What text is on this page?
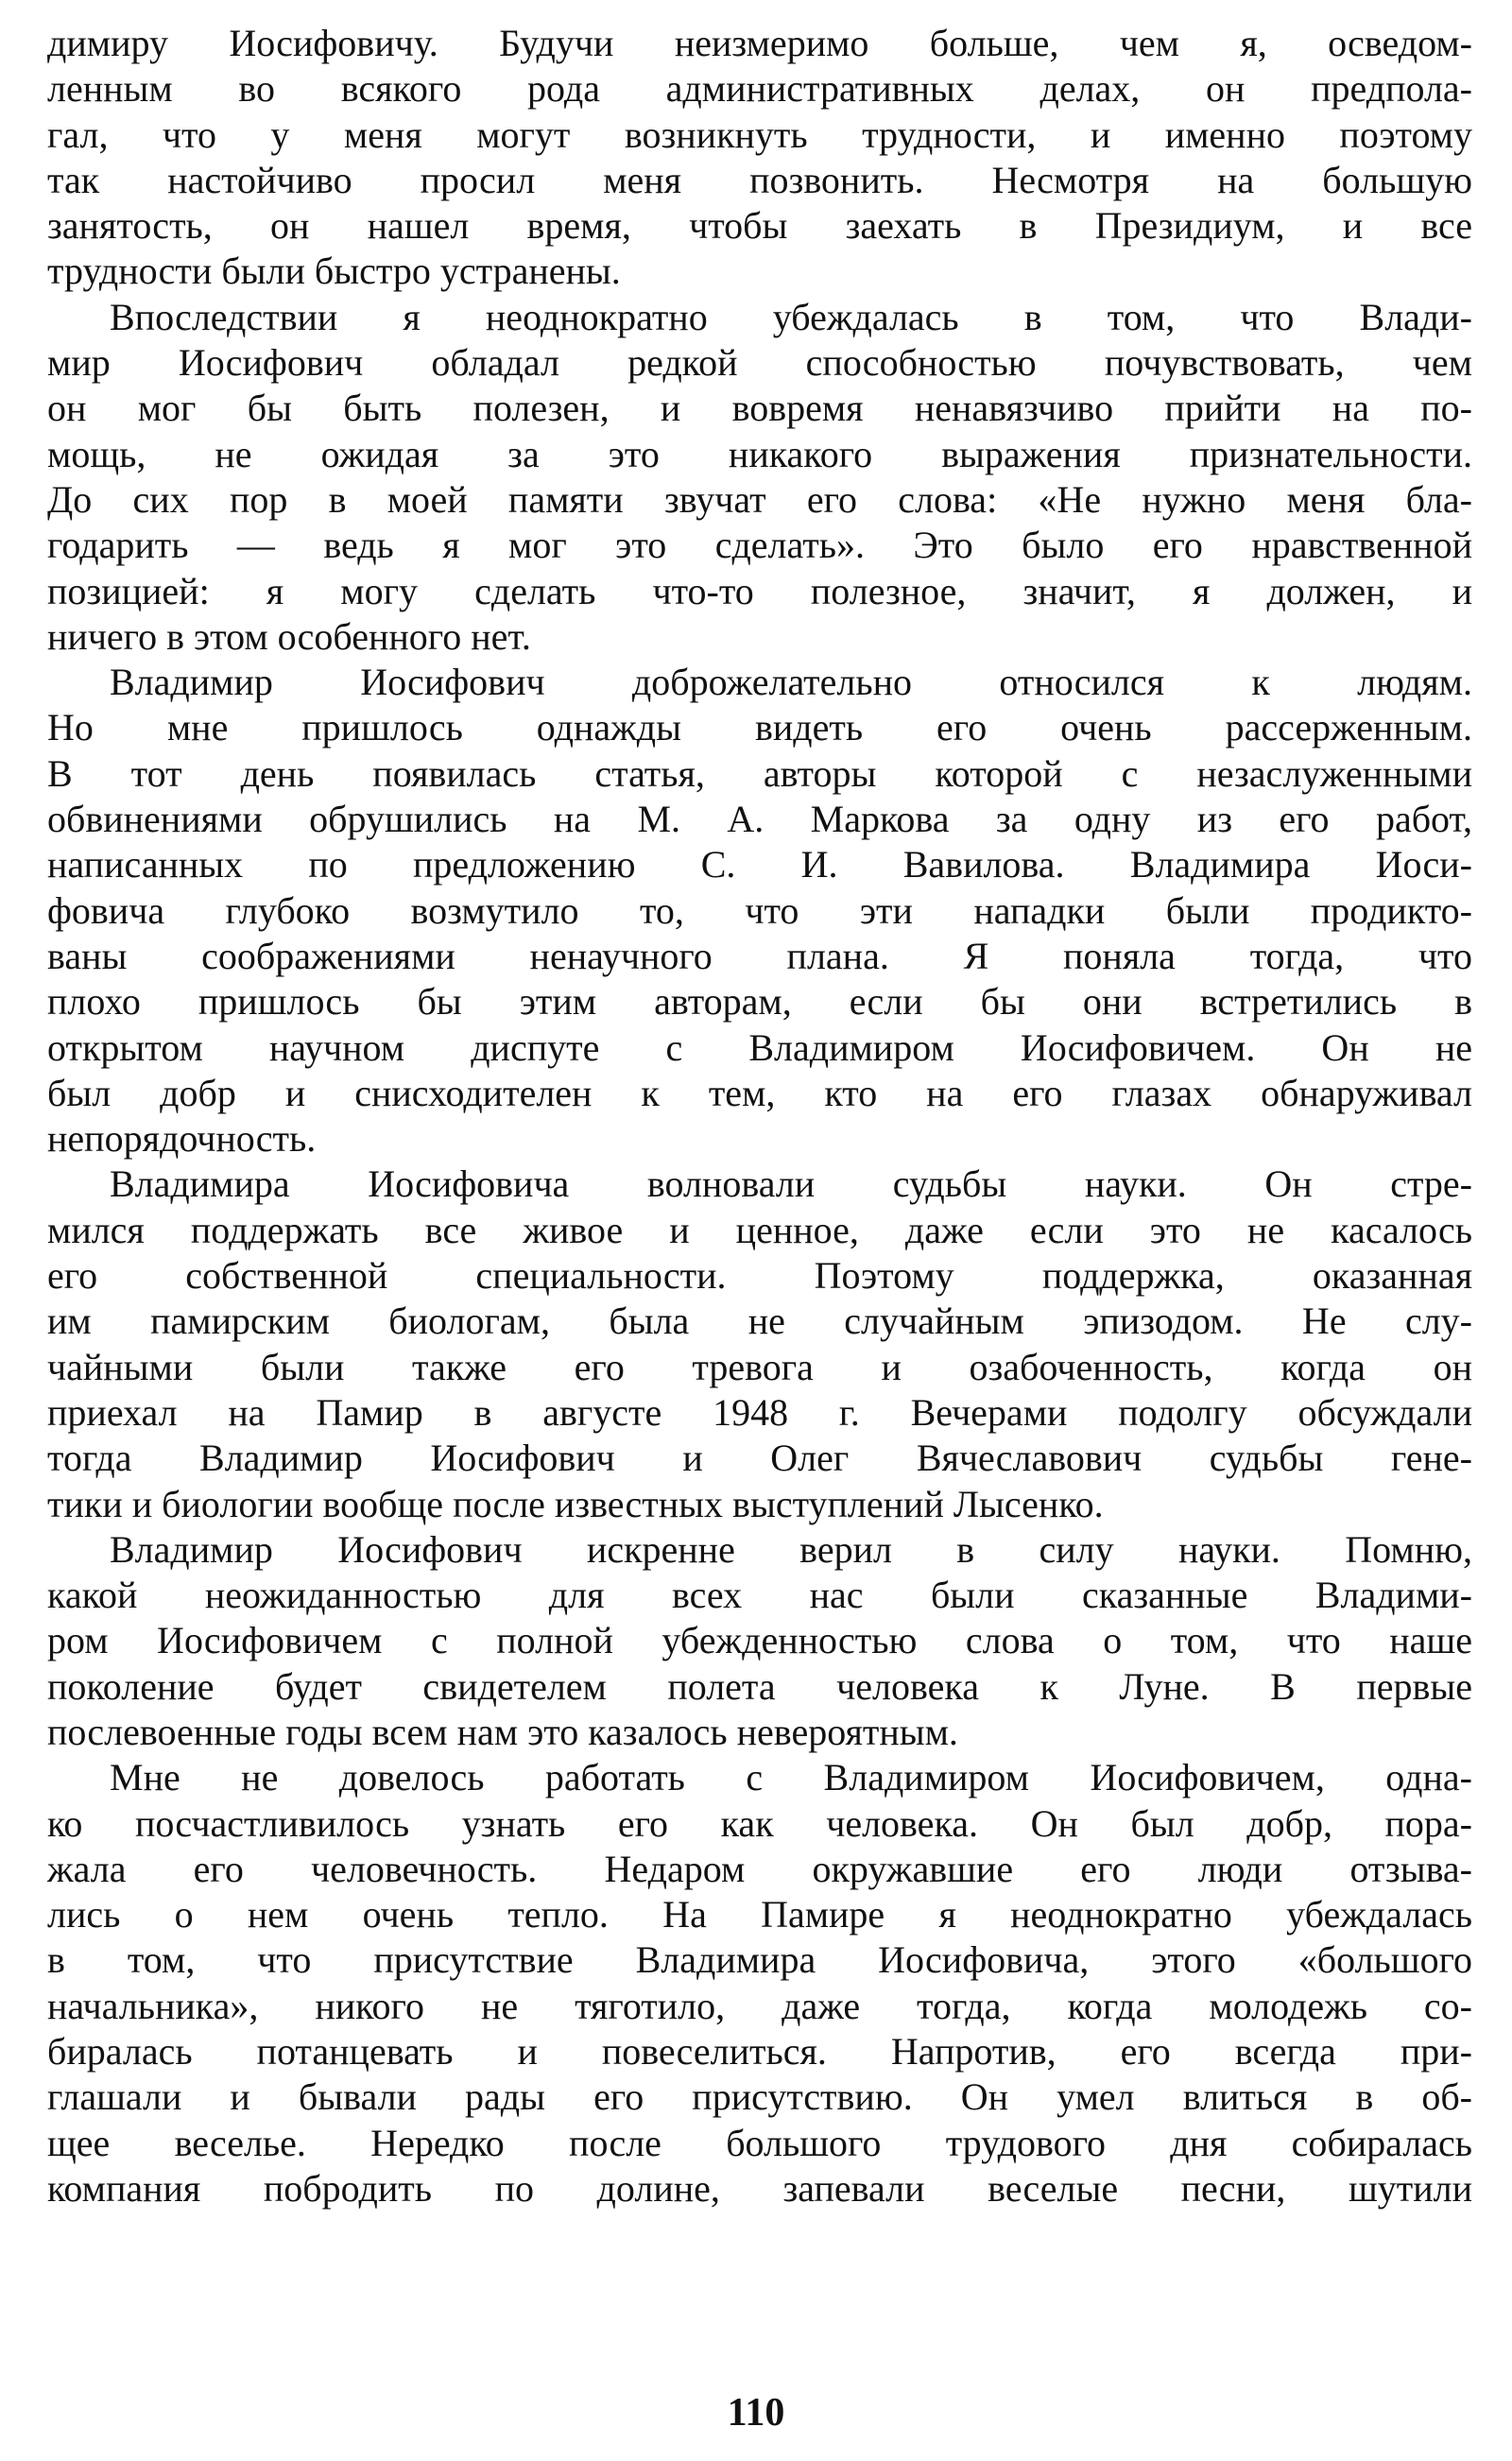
димиру Иосифовичу. Будучи неизмеримо больше, чем я, осведом-
ленным во всякого рода административных делах, он предпола-
гал, что у меня могут возникнуть трудности, и именно поэтому
так настойчиво просил меня позвонить. Несмотря на большую
занятость, он нашел время, чтобы заехать в Президиум, и все
трудности были быстро устранены.
Впоследствии я неоднократно убеждалась в том, что Влади-
мир Иосифович обладал редкой способностью почувствовать, чем
он мог бы быть полезен, и вовремя ненавязчиво прийти на по-
мощь, не ожидая за это никакого выражения признательности.
До сих пор в моей памяти звучат его слова: «Не нужно меня бла-
годарить — ведь я мог это сделать». Это было его нравственной
позицией: я могу сделать что-то полезное, значит, я должен, и
ничего в этом особенного нет.
Владимир Иосифович доброжелательно относился к людям.
Но мне пришлось однажды видеть его очень рассерженным.
В тот день появилась статья, авторы которой с незаслуженными
обвинениями обрушились на М. А. Маркова за одну из его работ,
написанных по предложению С. И. Вавилова. Владимира Иоси-
фовича глубоко возмутило то, что эти нападки были продикто-
ваны соображениями ненаучного плана. Я поняла тогда, что
плохо пришлось бы этим авторам, если бы они встретились в
открытом научном диспуте с Владимиром Иосифовичем. Он не
был добр и снисходителен к тем, кто на его глазах обнаруживал
непорядочность.
Владимира Иосифовича волновали судьбы науки. Он стре-
мился поддержать все живое и ценное, даже если это не касалось
его собственной специальности. Поэтому поддержка, оказанная
им памирским биологам, была не случайным эпизодом. Не слу-
чайными были также его тревога и озабоченность, когда он
приехал на Памир в августе 1948 г. Вечерами подолгу обсуждали
тогда Владимир Иосифович и Олег Вячеславович судьбы гене-
тики и биологии вообще после известных выступлений Лысенко.
Владимир Иосифович искренне верил в силу науки. Помню,
какой неожиданностью для всех нас были сказанные Владими-
ром Иосифовичем с полной убежденностью слова о том, что наше
поколение будет свидетелем полета человека к Луне. В первые
послевоенные годы всем нам это казалось невероятным.
Мне не довелось работать с Владимиром Иосифовичем, одна-
ко посчастливилось узнать его как человека. Он был добр, пора-
жала его человечность. Недаром окружавшие его люди отзыва-
лись о нем очень тепло. На Памире я неоднократно убеждалась
в том, что присутствие Владимира Иосифовича, этого «большого
начальника», никого не тяготило, даже тогда, когда молодежь со-
биралась потанцевать и повеселиться. Напротив, его всегда при-
глашали и бывали рады его присутствию. Он умел влиться в об-
щее веселье. Нередко после большого трудового дня собиралась
компания побродить по долине, запевали веселые песни, шутили
110
